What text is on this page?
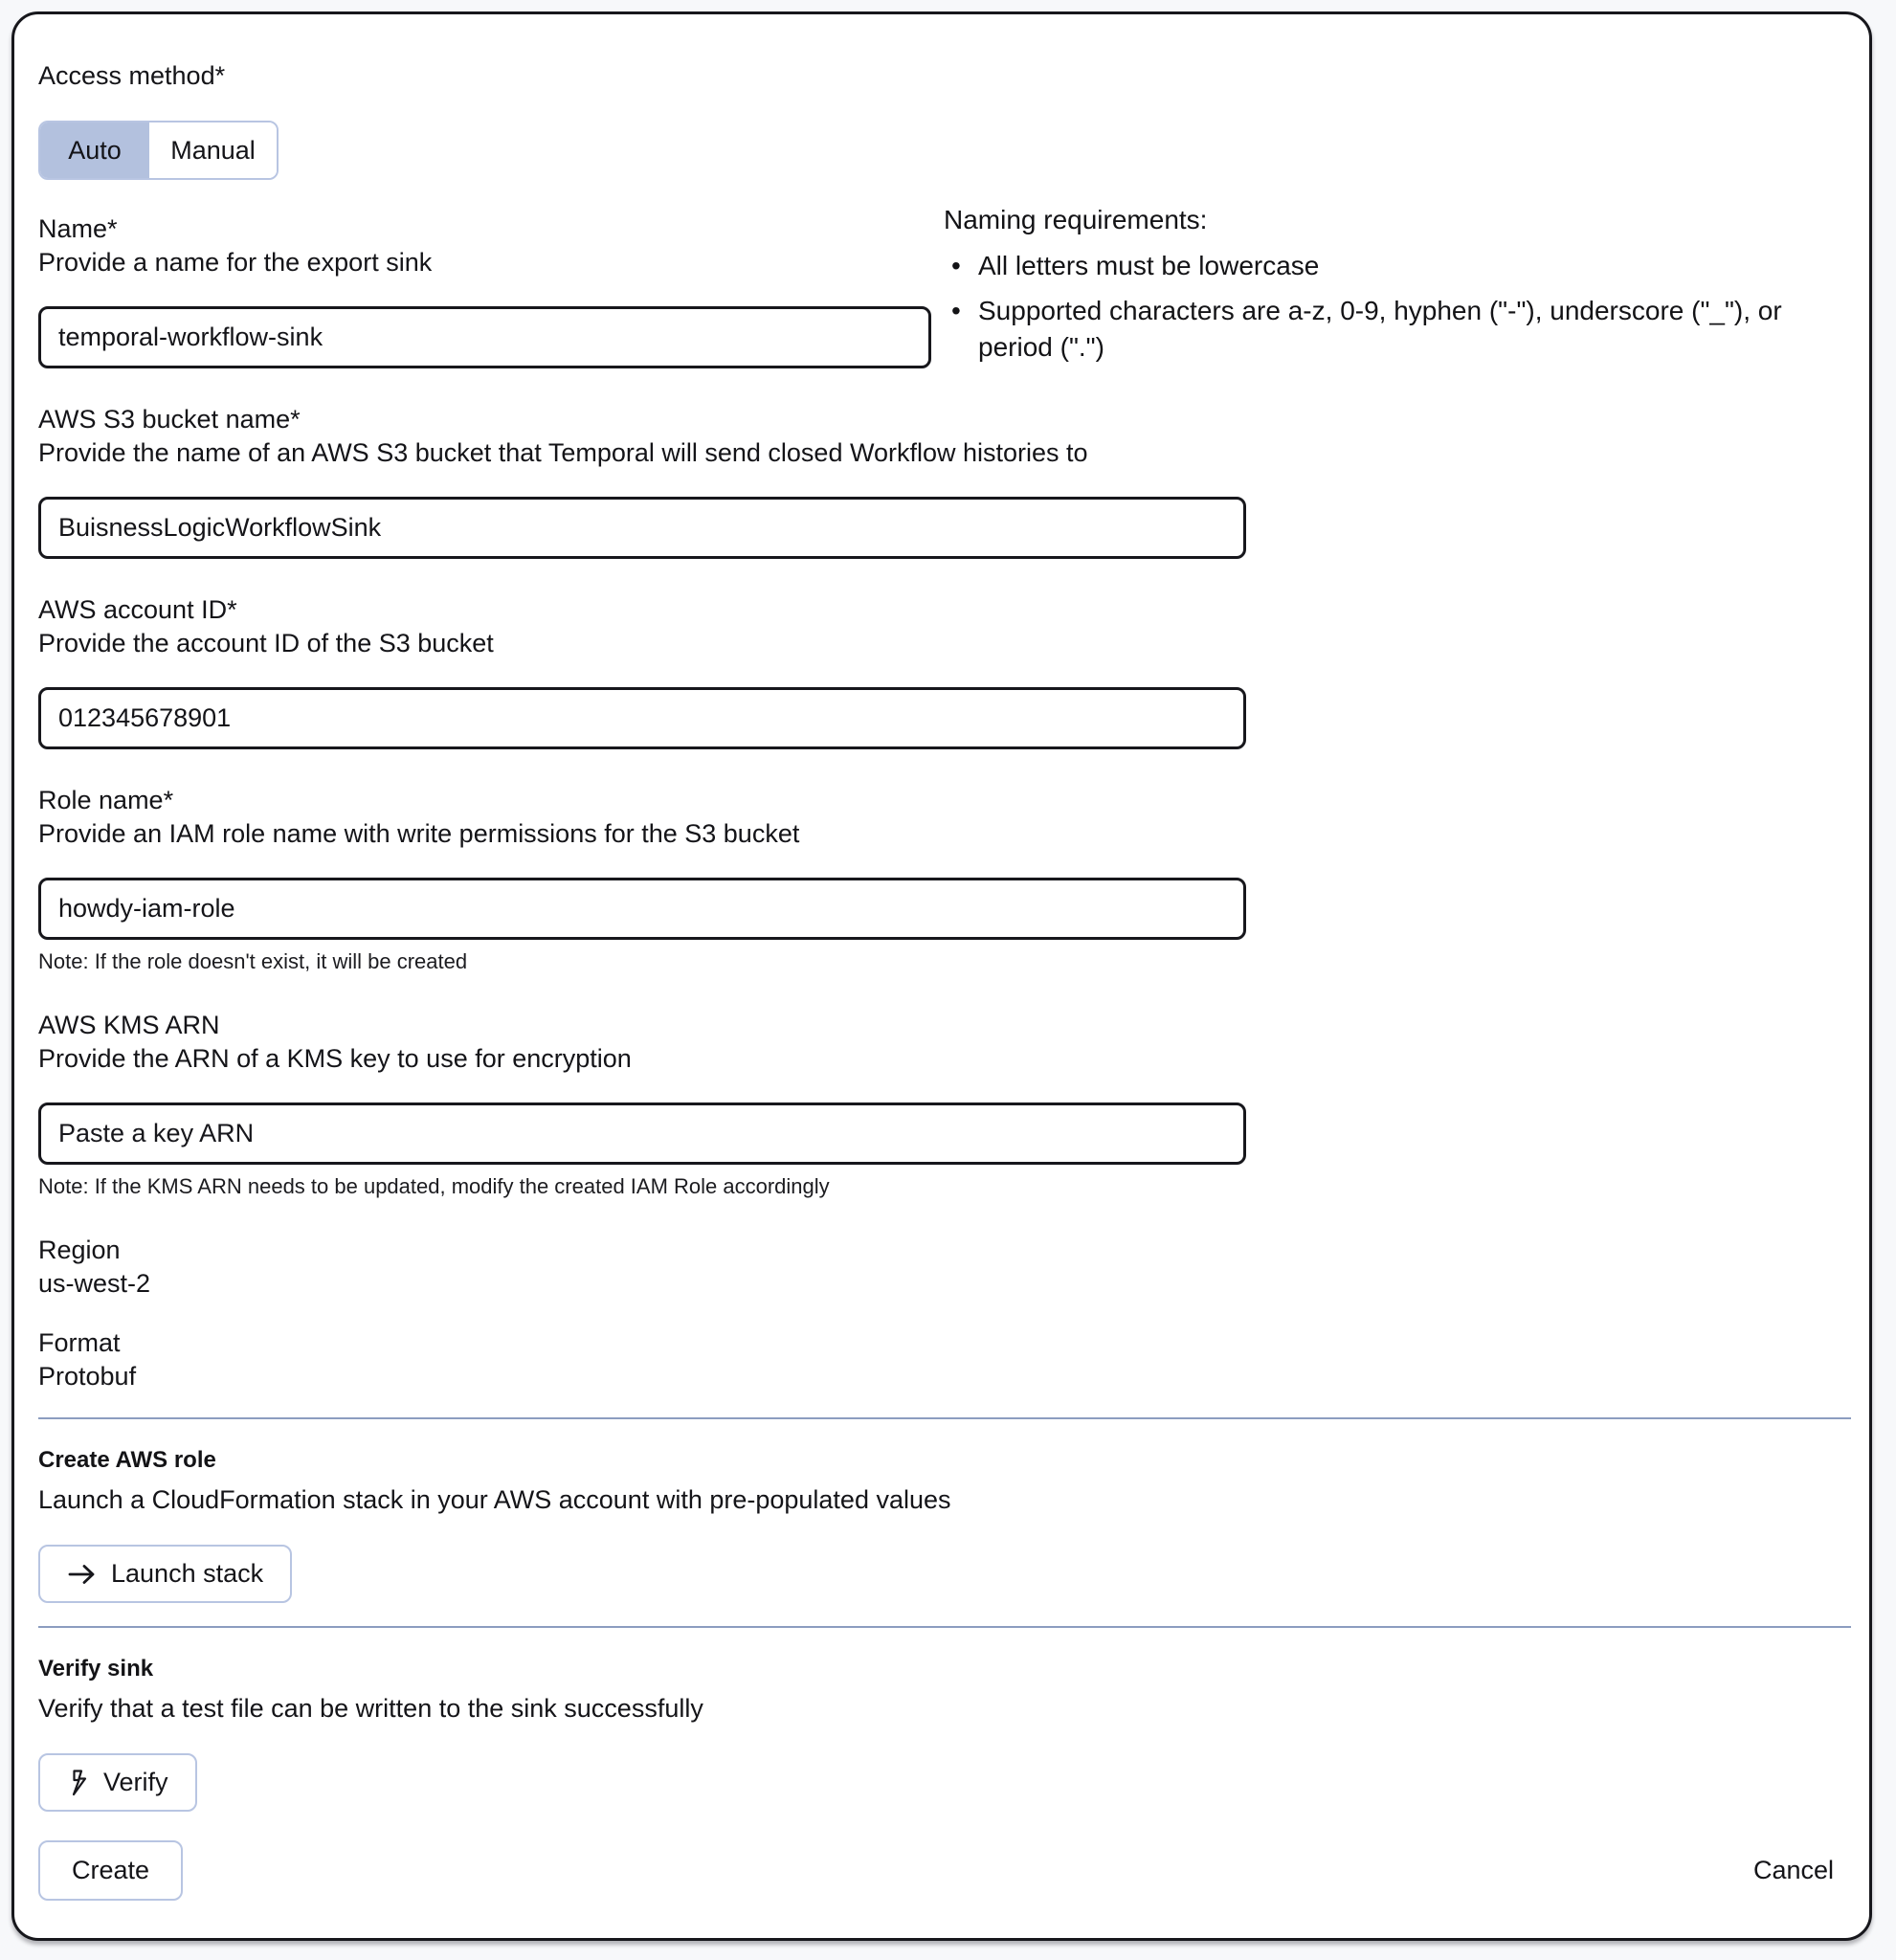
Access method*
Auto	Manual
Name*
Provide a name for the export sink
temporal-workflow-sink
AWS S3 bucket name*
Provide the name of an AWS S3 bucket that Temporal will send closed Workflow histories to
BuisnessLogicWorkflowSink
AWS account ID*
Provide the account ID of the S3 bucket
012345678901
Role name*
Provide an IAM role name with write permissions for the S3 bucket
howdy-iam-role
Note: If the role doesn't exist, it will be created
AWS KMS ARN
Provide the ARN of a KMS key to use for encryption
Paste a key ARN
Note: If the KMS ARN needs to be updated, modify the created IAM Role accordingly
Region
us-west-2
Format
Protobuf
Create AWS role
Launch a CloudFormation stack in your AWS account with pre-populated values
Launch stack
Verify sink
Verify that a test file can be written to the sink successfully
Verify
Create	Cancel
Naming requirements:
• All letters must be lowercase
• Supported characters are a-z, 0-9, hyphen ("-"), underscore ("_"), or period (".")
